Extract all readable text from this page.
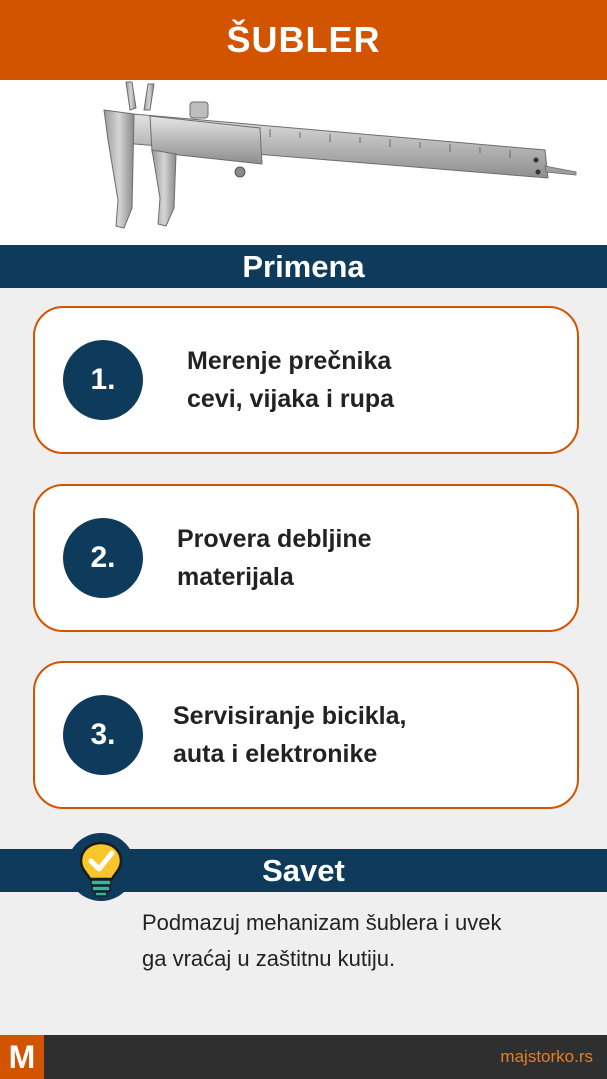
ŠUBLER
Primena
1.
Merenje prečnika
cevi, vijaka i rupa
2.
Provera debljine
materijala
3.
Servisiranje bicikla,
auta i elektronike
Savet
Podmazuj mehanizam šublera i uvek
ga vraćaj u zaštitnu kutiju.
M	majstorko.rs
